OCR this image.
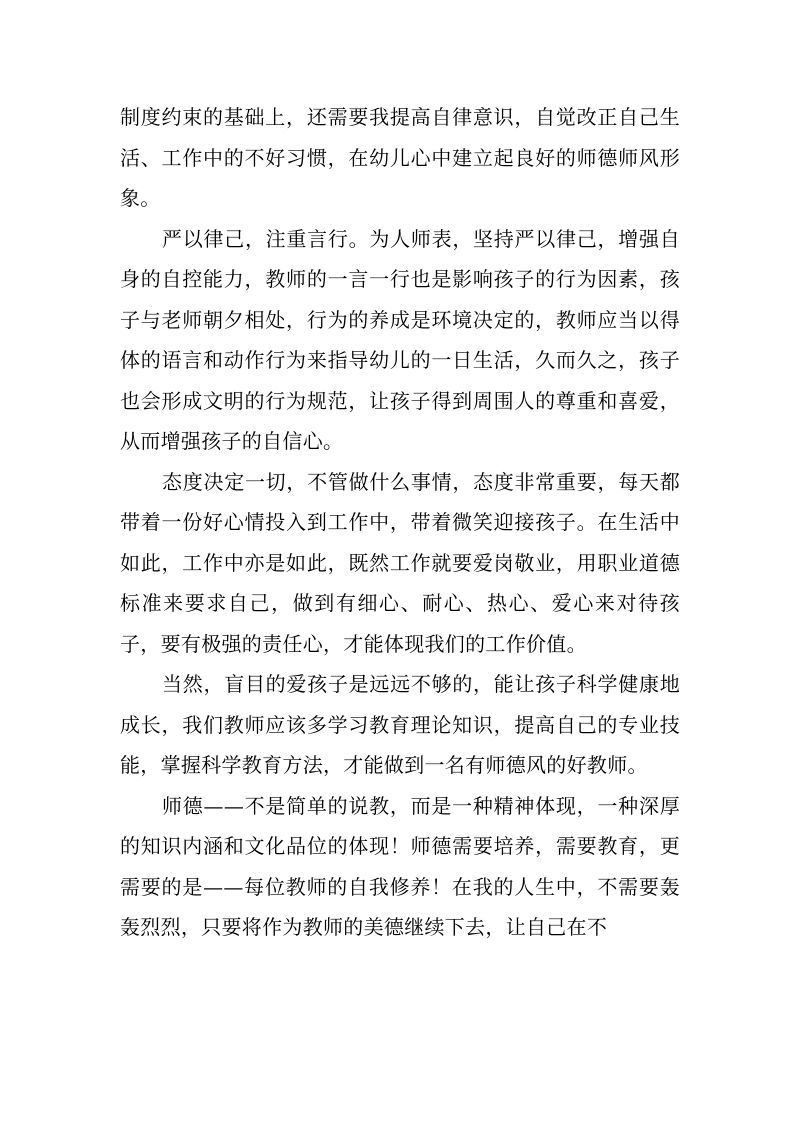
制度约束的基础上，还需要我提高自律意识，自觉改正自己生活、工作中的不好习惯，在幼儿心中建立起良好的师德师风形象。

严以律己，注重言行。为人师表，坚持严以律己，增强自身的自控能力，教师的一言一行也是影响孩子的行为因素，孩子与老师朝夕相处，行为的养成是环境决定的，教师应当以得体的语言和动作行为来指导幼儿的一日生活，久而久之，孩子也会形成文明的行为规范，让孩子得到周围人的尊重和喜爱，从而增强孩子的自信心。

态度决定一切，不管做什么事情，态度非常重要，每天都带着一份好心情投入到工作中，带着微笑迎接孩子。在生活中如此，工作中亦是如此，既然工作就要爱岗敬业，用职业道德标准来要求自己，做到有细心、耐心、热心、爱心来对待孩子，要有极强的责任心，才能体现我们的工作价值。

当然，盲目的爱孩子是远远不够的，能让孩子科学健康地成长，我们教师应该多学习教育理论知识，提高自己的专业技能，掌握科学教育方法，才能做到一名有师德风的好教师。

师德——不是简单的说教，而是一种精神体现，一种深厚的知识内涵和文化品位的体现！师德需要培养，需要教育，更需要的是——每位教师的自我修养！在我的人生中，不需要轰轰烈烈，只要将作为教师的美德继续下去，让自己在不
